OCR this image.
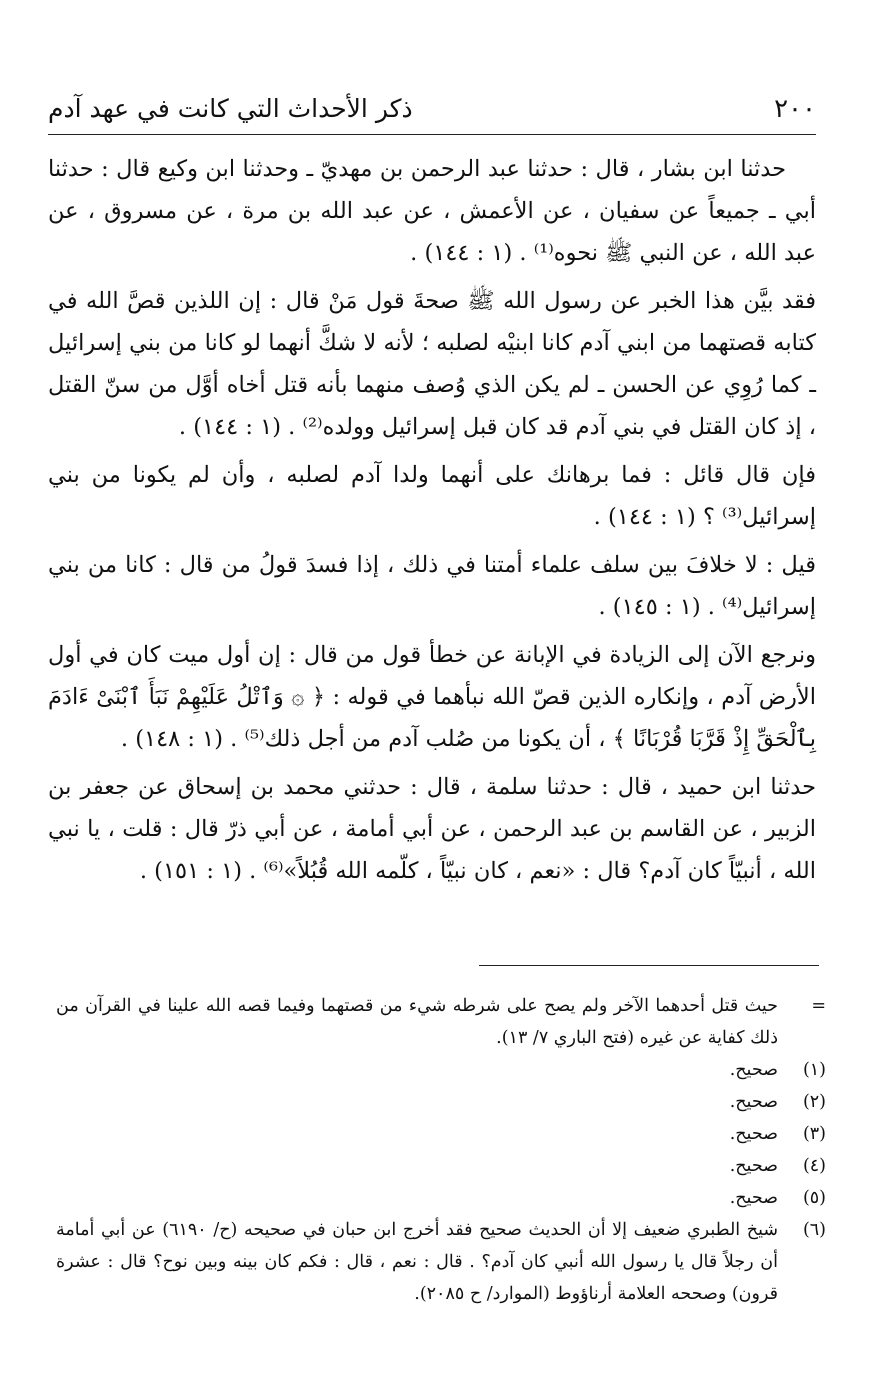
٢٠٠
ذكر الأحداث التي كانت في عهد آدم

حدثنا ابن بشار ، قال : حدثنا عبد الرحمن بن مهديّ ـ وحدثنا ابن وكيع قال : حدثنا أبي ـ جميعاً عن سفيان ، عن الأعمش ، عن عبد الله بن مرة ، عن مسروق ، عن عبد الله ، عن النبي ﷺ نحوه⁽¹⁾ . (١ : ١٤٤) .

فقد بيَّن هذا الخبر عن رسول الله ﷺ صحةَ قول مَنْ قال : إن اللذين قصَّ الله في كتابه قصتهما من ابني آدم كانا ابنيْه لصلبه ؛ لأنه لا شكَّ أنهما لو كانا من بني إسرائيل ـ كما رُوِي عن الحسن ـ لم يكن الذي وُصف منهما بأنه قتل أخاه أوَّل من سنّ القتل ، إذ كان القتل في بني آدم قد كان قبل إسرائيل وولده⁽²⁾ . (١ : ١٤٤) .

فإن قال قائل : فما برهانك على أنهما ولدا آدم لصلبه ، وأن لم يكونا من بني إسرائيل⁽³⁾ ؟ (١ : ١٤٤) .

قيل : لا خلافَ بين سلف علماء أمتنا في ذلك ، إذا فسدَ قولُ من قال : كانا من بني إسرائيل⁽⁴⁾ . (١ : ١٤٥) .

ونرجع الآن إلى الزيادة في الإبانة عن خطأ قول من قال : إن أول ميت كان في أول الأرض آدم ، وإنكاره الذين قصّ الله نبأهما في قوله : ﴿ ۞ وَٱتْلُ عَلَيْهِمْ نَبَأَ ٱبْنَىْ ءَادَمَ بِٱلْحَقِّ إِذْ قَرَّبَا قُرْبَانًا ﴾ ، أن يكونا من صُلب آدم من أجل ذلك⁽⁵⁾ . (١ : ١٤٨) .

حدثنا ابن حميد ، قال : حدثنا سلمة ، قال : حدثني محمد بن إسحاق عن جعفر بن الزبير ، عن القاسم بن عبد الرحمن ، عن أبي أمامة ، عن أبي ذرّ قال : قلت ، يا نبي الله ، أنبيّاً كان آدم؟ قال : «نعم ، كان نبيّاً ، كلّمه الله قُبُلاً»⁽⁶⁾ . (١ : ١٥١) .

=
حيث قتل أحدهما الآخر ولم يصح على شرطه شيء من قصتهما وفيما قصه الله علينا في القرآن من ذلك كفاية عن غيره (فتح الباري ٧/ ١٣).
(١)
صحيح.
(٢)
صحيح.
(٣)
صحيح.
(٤)
صحيح.
(٥)
صحيح.
(٦)
شيخ الطبري ضعيف إلا أن الحديث صحيح فقد أخرج ابن حبان في صحيحه (ح/ ٦١٩٠) عن أبي أمامة أن رجلاً قال يا رسول الله أنبي كان آدم؟ . قال : نعم ، قال : فكم كان بينه وبين نوح؟ قال : عشرة قرون) وصححه العلامة أرناؤوط (الموارد/ ح ٢٠٨٥).
